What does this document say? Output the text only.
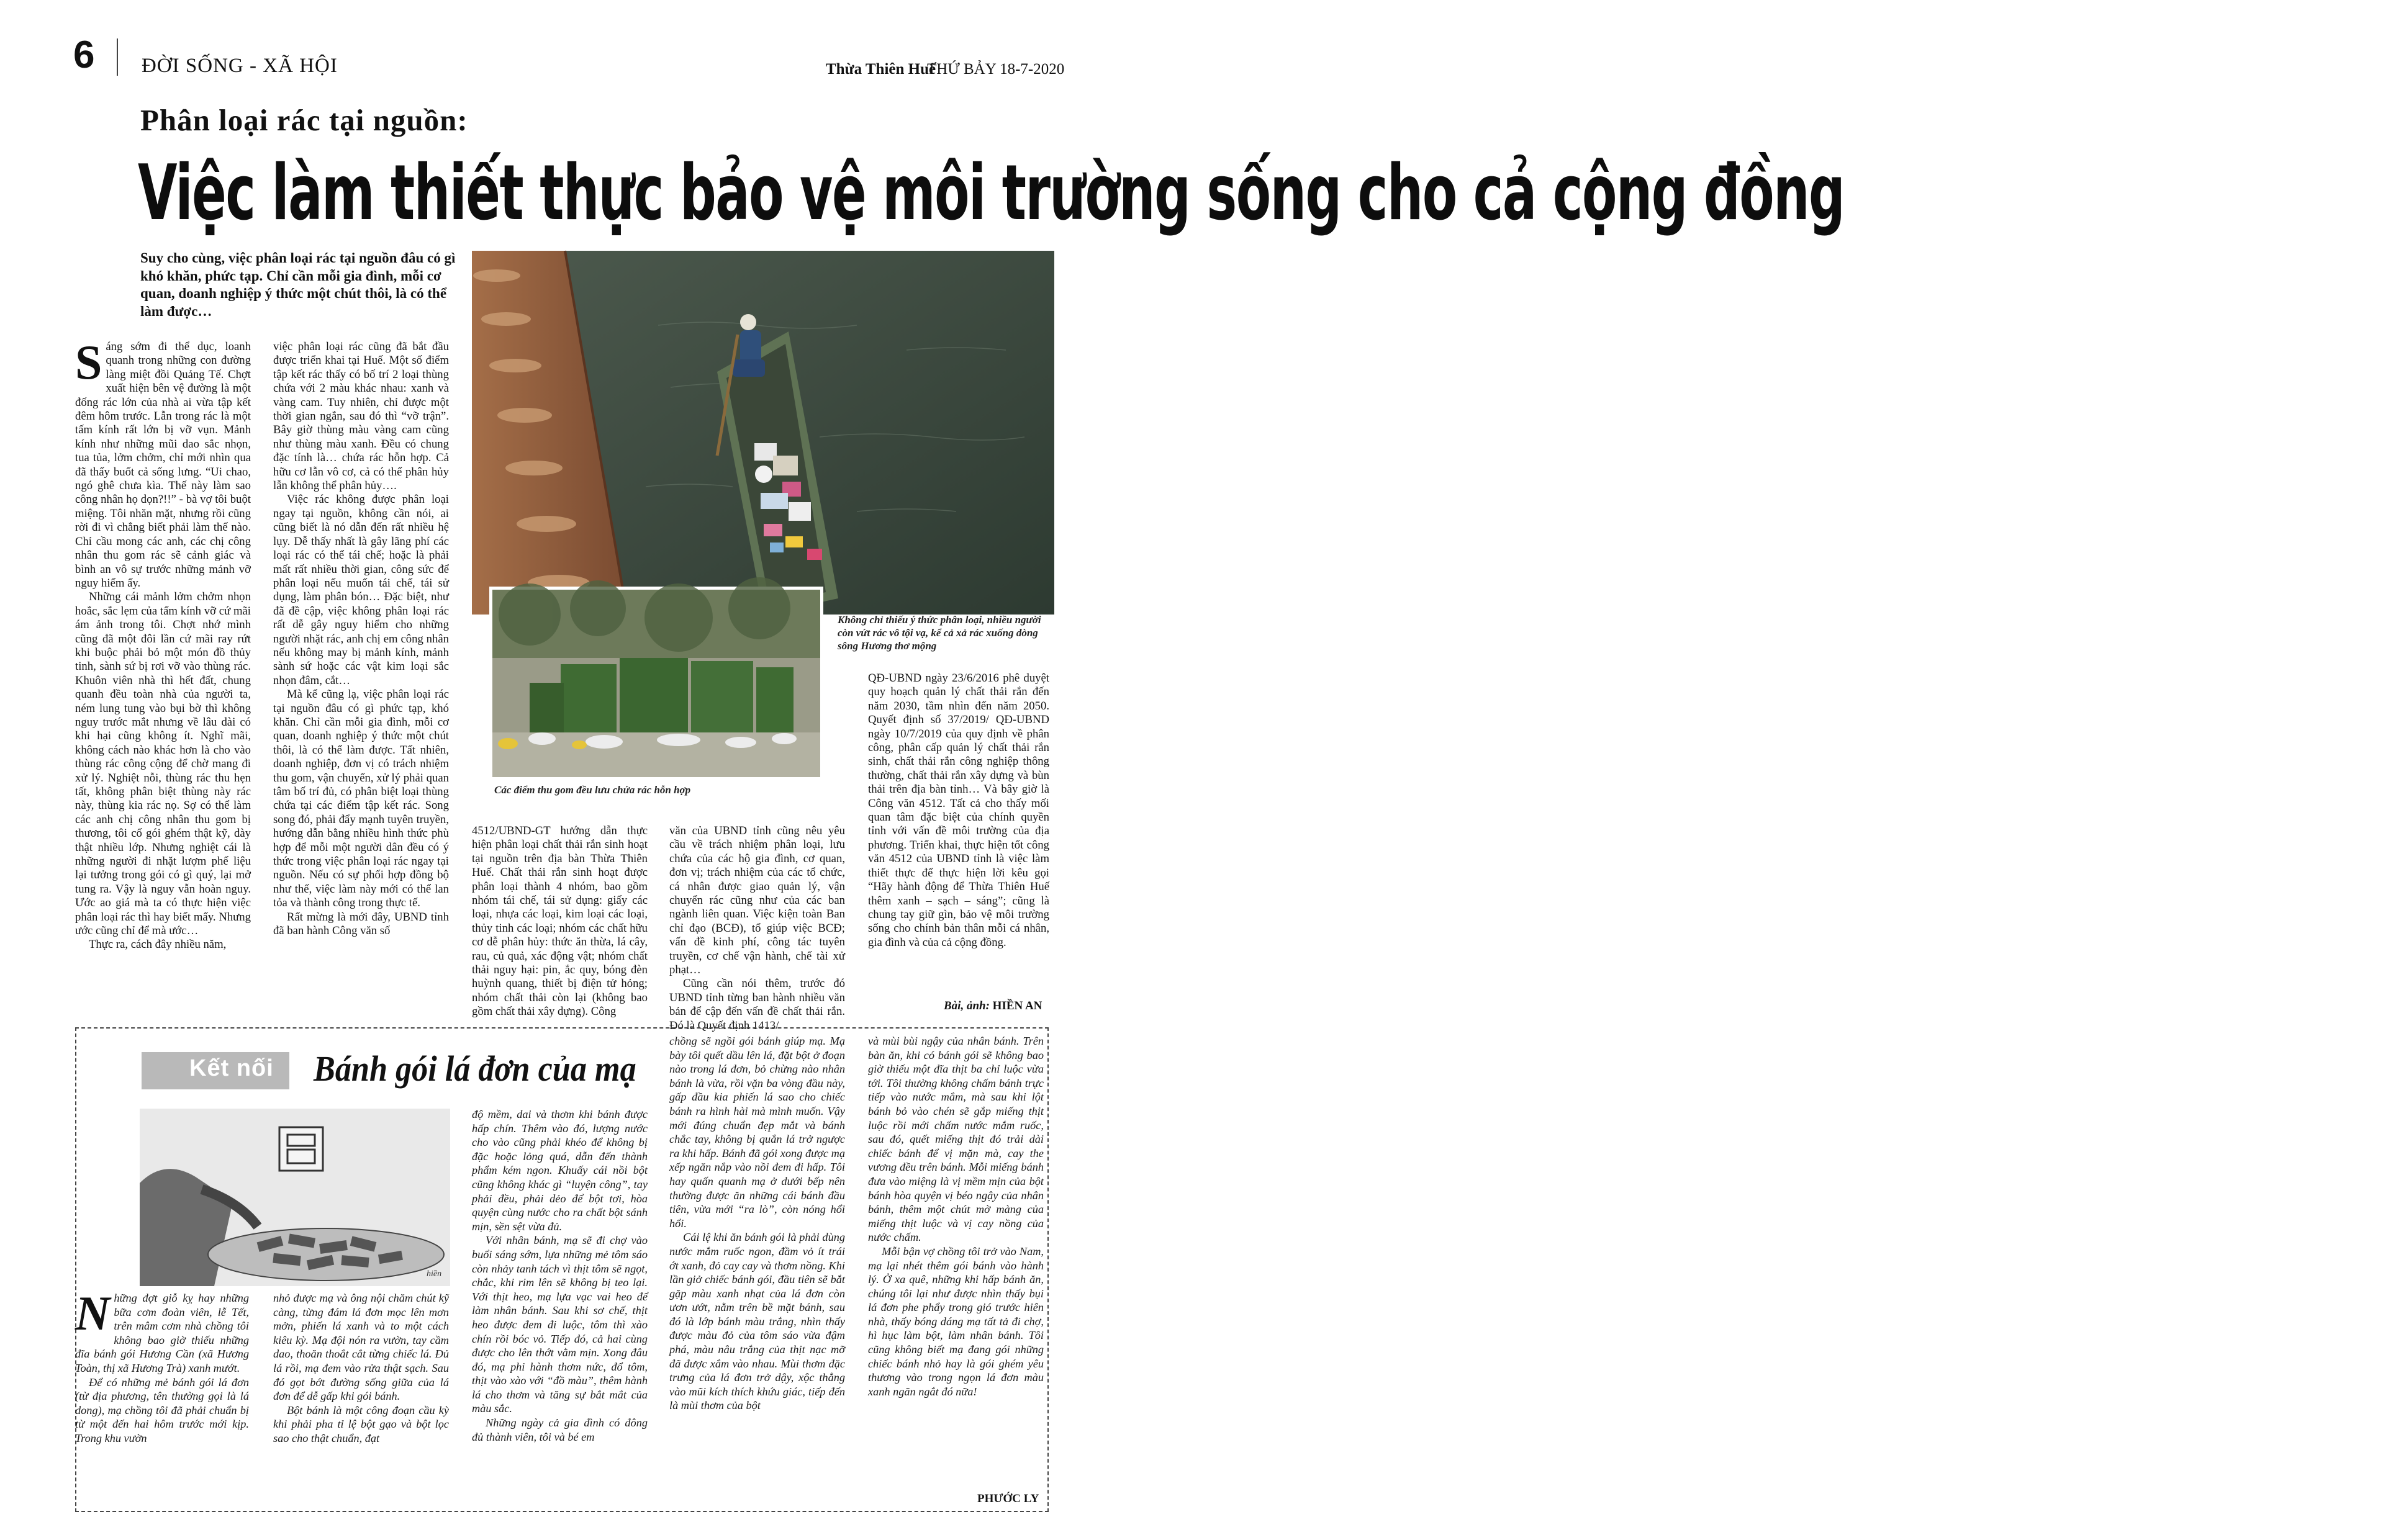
6 ĐỜI SỐNG - XÃ HỘI	Thừa Thiên Huế
THỨ BẢY 18-7-2020
Phân loại rác tại nguồn:
Việc làm thiết thực bảo vệ môi trường sống cho cả cộng đồng
Suy cho cùng, việc phân loại rác tại nguồn đâu có gì khó khăn, phức tạp. Chỉ cần mỗi gia đình, mỗi cơ quan, doanh nghiệp ý thức một chút thôi, là có thể làm được…
Không chỉ thiếu ý thức phân loại, nhiều người còn vứt rác vô tội vạ, kể cả xả rác xuống dòng sông Hương thơ mộng
Các điểm thu gom đều lưu chứa rác hỗn hợp

Sáng sớm đi thể dục, loanh quanh trong những con đường làng miệt đồi Quảng Tế. Chợt xuất hiện bên vệ đường là một đống rác lớn của nhà ai vừa tập kết đêm hôm trước. Lẫn trong rác là một tấm kính rất lớn bị vỡ vụn. Mảnh kính như những mũi dao sắc nhọn, tua tủa, lởm chởm, chỉ mới nhìn qua đã thấy buốt cả sống lưng. “Ui chao, ngó ghê chưa kìa. Thế này làm sao công nhân họ dọn?!!” - bà vợ tôi buột miệng. Tôi nhăn mặt, nhưng rồi cũng rời đi vì chẳng biết phải làm thế nào. Chỉ cầu mong các anh, các chị công nhân thu gom rác sẽ cảnh giác và bình an vô sự trước những mảnh vỡ nguy hiểm ấy.

Những cái mảnh lởm chởm nhọn hoắc, sắc lẹm của tấm kính vỡ cứ mãi ám ảnh trong tôi. Chợt nhớ mình cũng đã một đôi lần cứ mãi ray rứt khi buộc phải bỏ một món đồ thủy tinh, sành sứ bị rơi vỡ vào thùng rác. Khuôn viên nhà thì hết đất, chung quanh đều toàn nhà của người ta, ném lung tung vào bụi bờ thì không nguy trước mắt nhưng về lâu dài có khi hại cũng không ít. Nghĩ mãi, không cách nào khác hơn là cho vào thùng rác công cộng để chờ mang đi xử lý. Nghiệt nỗi, thùng rác thu hẹn tất, không phân biệt thùng này rác này, thùng kia rác nọ. Sợ có thể làm các anh chị công nhân thu gom bị thương, tôi cố gói ghém thật kỹ, dày thật nhiều lớp. Nhưng nghiệt cái là những người đi nhặt lượm phế liệu lại tưởng trong gói có gì quý, lại mở tung ra. Vậy là nguy vẫn hoàn nguy. Ước ao giá mà ta có thực hiện việc phân loại rác thì hay biết mấy. Nhưng ước cũng chỉ để mà ước…

Thực ra, cách đây nhiều năm,

việc phân loại rác cũng đã bắt đầu được triển khai tại Huế. Một số điểm tập kết rác thấy có bố trí 2 loại thùng chứa với 2 màu khác nhau: xanh và vàng cam. Tuy nhiên, chỉ được một thời gian ngắn, sau đó thì “vỡ trận”. Bây giờ thùng màu vàng cam cũng như thùng màu xanh. Đều có chung đặc tính là… chứa rác hỗn hợp. Cả hữu cơ lẫn vô cơ, cả có thể phân hủy lẫn không thể phân hủy….

Việc rác không được phân loại ngay tại nguồn, không cần nói, ai cũng biết là nó dẫn đến rất nhiều hệ lụy. Dễ thấy nhất là gây lãng phí các loại rác có thể tái chế; hoặc là phải mất rất nhiều thời gian, công sức để phân loại nếu muốn tái chế, tái sử dụng, làm phân bón… Đặc biệt, như đã đề cập, việc không phân loại rác rất dễ gây nguy hiểm cho những người nhặt rác, anh chị em công nhân nếu không may bị mảnh kính, mảnh sành sứ hoặc các vật kim loại sắc nhọn đâm, cắt…

Mà kể cũng lạ, việc phân loại rác tại nguồn đâu có gì phức tạp, khó khăn. Chỉ cần mỗi gia đình, mỗi cơ quan, doanh nghiệp ý thức một chút thôi, là có thể làm được. Tất nhiên, doanh nghiệp, đơn vị có trách nhiệm thu gom, vận chuyển, xử lý phải quan tâm bố trí đủ, có phân biệt loại thùng chứa tại các điểm tập kết rác. Song song đó, phải đẩy mạnh tuyên truyền, hướng dẫn bằng nhiều hình thức phù hợp để mỗi một người dân đều có ý thức trong việc phân loại rác ngay tại nguồn. Nếu có sự phối hợp đồng bộ như thế, việc làm này mới có thể lan tỏa và thành công trong thực tế.

Rất mừng là mới đây, UBND tỉnh đã ban hành Công văn số

4512/UBND-GT hướng dẫn thực hiện phân loại chất thải rắn sinh hoạt tại nguồn trên địa bàn Thừa Thiên Huế. Chất thải rắn sinh hoạt được phân loại thành 4 nhóm, bao gồm nhóm tái chế, tái sử dụng: giấy các loại, nhựa các loại, kim loại các loại, thủy tinh các loại; nhóm các chất hữu cơ dễ phân hủy: thức ăn thừa, lá cây, rau, củ quả, xác động vật; nhóm chất thải nguy hại: pin, ắc quy, bóng đèn huỳnh quang, thiết bị điện tử hỏng; nhóm chất thải còn lại (không bao gồm chất thải xây dựng). Công

văn của UBND tỉnh cũng nêu yêu cầu về trách nhiệm phân loại, lưu chứa của các hộ gia đình, cơ quan, đơn vị; trách nhiệm của các tổ chức, cá nhân được giao quản lý, vận chuyển rác cũng như của các ban ngành liên quan. Việc kiện toàn Ban chỉ đạo (BCĐ), tổ giúp việc BCĐ; vấn đề kinh phí, công tác tuyên truyền, cơ chế vận hành, chế tài xử phạt…

Cũng cần nói thêm, trước đó UBND tỉnh từng ban hành nhiều văn bản để cập đến vấn đề chất thải rắn. Đó là Quyết định 1413/

QĐ-UBND ngày 23/6/2016 phê duyệt quy hoạch quản lý chất thải rắn đến năm 2030, tầm nhìn đến năm 2050. Quyết định số 37/2019/ QĐ-UBND ngày 10/7/2019 của quy định về phân công, phân cấp quản lý chất thải rắn sinh, chất thải rắn công nghiệp thông thường, chất thải rắn xây dựng và bùn thải trên địa bàn tỉnh… Và bây giờ là Công văn 4512. Tất cả cho thấy mối quan tâm đặc biệt của chính quyền tỉnh với vấn đề môi trường của địa phương. Triển khai, thực hiện tốt công văn 4512 của UBND tỉnh là việc làm thiết thực để thực hiện lời kêu gọi “Hãy hành động để Thừa Thiên Huế thêm xanh – sạch – sáng”; cũng là chung tay giữ gìn, bảo vệ môi trường sống cho chính bản thân mỗi cá nhân, gia đình và của cả cộng đồng.

Bài, ảnh: HIỀN AN
Kết nối Bánh gói lá đơn của mạ
hiền

Những đợt giỗ kỵ hay những bữa cơm đoàn viên, lễ Tết, trên mâm cơm nhà chồng tôi không bao giờ thiếu những đĩa bánh gói Hương Cần (xã Hương Toàn, thị xã Hương Trà) xanh mướt.

Để có những mẻ bánh gói lá đơn (từ địa phương, tên thường gọi là lá dong), mạ chồng tôi đã phải chuẩn bị từ một đến hai hôm trước mới kịp. Trong khu vườn

nhỏ được mạ và ông nội chăm chút kỹ càng, từng đám lá đơn mọc lên mơn mởn, phiến lá xanh và to một cách kiêu kỳ. Mạ đội nón ra vườn, tay cầm dao, thoăn thoắt cắt từng chiếc lá. Đủ lá rồi, mạ đem vào rửa thật sạch. Sau đó gọt bớt đường sống giữa của lá đơn để dễ gấp khi gói bánh.

Bột bánh là một công đoạn cầu kỳ khi phải pha tỉ lệ bột gạo và bột lọc sao cho thật chuẩn, đạt

độ mềm, dai và thơm khi bánh được hấp chín. Thêm vào đó, lượng nước cho vào cũng phải khéo để không bị đặc hoặc lỏng quá, dẫn đến thành phẩm kém ngon. Khuấy cái nồi bột cũng không khác gì “luyện công”, tay phải đều, phải dẻo để bột tơi, hòa quyện cùng nước cho ra chất bột sánh mịn, sền sệt vừa đủ.

Với nhân bánh, mạ sẽ đi chợ vào buổi sáng sớm, lựa những mẻ tôm sáo còn nhảy tanh tách vì thịt tôm sẽ ngọt, chắc, khi rim lên sẽ không bị teo lại. Với thịt heo, mạ lựa vạc vai heo để làm nhân bánh. Sau khi sơ chế, thịt heo được đem đi luộc, tôm thì xào chín rồi bóc vỏ. Tiếp đó, cả hai cùng được cho lên thớt vằm mịn. Xong đâu đó, mạ phi hành thơm nức, đổ tôm, thịt vào xào với “đồ màu”, thêm hành lá cho thơm và tăng sự bắt mắt của màu sắc.

Những ngày cả gia đình có đông đủ thành viên, tôi và bé em

chồng sẽ ngồi gói bánh giúp mạ. Mạ bày tôi quết dầu lên lá, đặt bột ở đoạn nào trong lá đơn, bỏ chừng nào nhân bánh là vừa, rồi vặn ba vòng đầu này, gấp đầu kia phiến lá sao cho chiếc bánh ra hình hài mà mình muốn. Vậy mới đúng chuẩn đẹp mắt và bánh chắc tay, không bị quắn lá trở ngược ra khi hấp. Bánh đã gói xong được mạ xếp ngăn nắp vào nồi đem đi hấp. Tôi hay quấn quanh mạ ở dưới bếp nên thường được ăn những cái bánh đầu tiên, vừa mới “ra lò”, còn nóng hổi hổi.

Cái lệ khi ăn bánh gói là phải dùng nước mắm ruốc ngon, đầm vỏ ít trái ớt xanh, đỏ cay cay và thơm nồng. Khi lần giở chiếc bánh gói, đầu tiên sẽ bắt gặp màu xanh nhạt của lá đơn còn ươn ướt, nằm trên bề mặt bánh, sau đó là lớp bánh màu trắng, nhìn thấy được màu đỏ của tôm sáo vừa đậm phá, màu nâu trắng của thịt nạc mỡ đã được xắm vào nhau. Mùi thơm đặc trưng của lá đơn trở dậy, xộc thẳng vào mũi kích thích khứu giác, tiếp đến là mùi thơm của bột

và mùi bùi ngậy của nhân bánh. Trên bàn ăn, khi có bánh gói sẽ không bao giờ thiếu một đĩa thịt ba chỉ luộc vừa tới. Tôi thường không chấm bánh trực tiếp vào nước mắm, mà sau khi lột bánh bỏ vào chén sẽ gắp miếng thịt luộc rồi mới chấm nước mắm ruốc, sau đó, quết miếng thịt đó trải dài chiếc bánh để vị mặn mà, cay the vương đều trên bánh. Mỗi miếng bánh đưa vào miệng là vị mềm mịn của bột bánh hòa quyện vị béo ngậy của nhân bánh, thêm một chút mờ màng của miếng thịt luộc và vị cay nồng của nước chấm.

Mỗi bận vợ chồng tôi trở vào Nam, mạ lại nhét thêm gói bánh vào hành lý. Ở xa quê, những khi hấp bánh ăn, chúng tôi lại như được nhìn thấy bụi lá đơn phe phẩy trong gió trước hiên nhà, thấy bóng dáng mạ tất tả đi chợ, hì hục làm bột, làm nhân bánh. Tôi cũng không biết mạ đang gói những chiếc bánh nhỏ hay là gói ghém yêu thương vào trong ngọn lá đơn màu xanh ngăn ngắt đó nữa!

PHƯỚC LY
